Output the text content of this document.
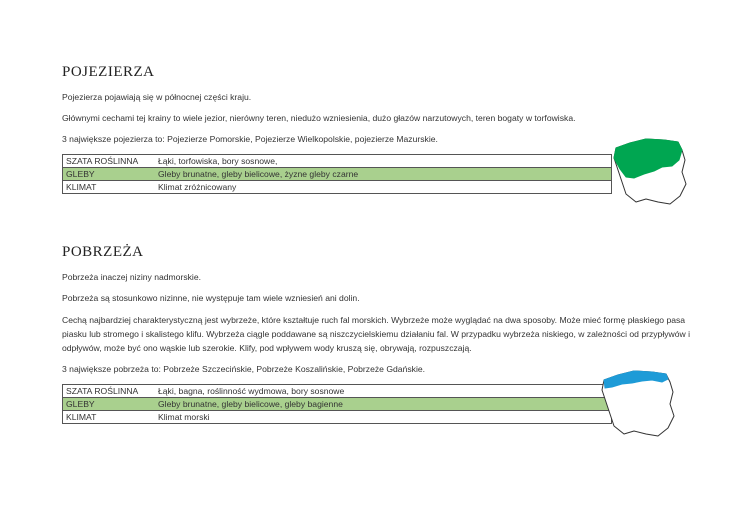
POJEZIERZA

Pojezierza pojawiają się w północnej części kraju.

Głównymi cechami tej krainy to wiele jezior, nierówny teren, niedużo wzniesienia, dużo głazów narzutowych, teren bogaty w torfowiska.

3 największe pojezierza to: Pojezierze Pomorskie, Pojezierze Wielkopolskie, pojezierze Mazurskie.

SZATA ROŚLINNA	Łąki, torfowiska, bory sosnowe,
GLEBY	Gleby brunatne, gleby bielicowe, żyzne gleby czarne
KLIMAT	Klimat zróżnicowany
POBRZEŻA

Pobrzeża inaczej niziny nadmorskie.

Pobrzeża są stosunkowo nizinne, nie występuje tam wiele wzniesień ani dolin.

Cechą najbardziej charakterystyczną jest wybrzeże, które kształtuje ruch fal morskich. Wybrzeże może wyglądać na dwa sposoby. Może mieć formę płaskiego pasa piasku lub stromego i skalistego klifu. Wybrzeża ciągle poddawane są niszczycielskiemu działaniu fal. W przypadku wybrzeża niskiego, w zależności od przypływów i odpływów, może być ono wąskie lub szerokie. Klify, pod wpływem wody kruszą się, obrywają, rozpuszczają.

3 największe pobrzeża to: Pobrzeże Szczecińskie, Pobrzeże Koszalińskie, Pobrzeże Gdańskie.

SZATA ROŚLINNA	Łąki, bagna, roślinność wydmowa, bory sosnowe
GLEBY	Gleby brunatne, gleby bielicowe, gleby bagienne
KLIMAT	Klimat morski
